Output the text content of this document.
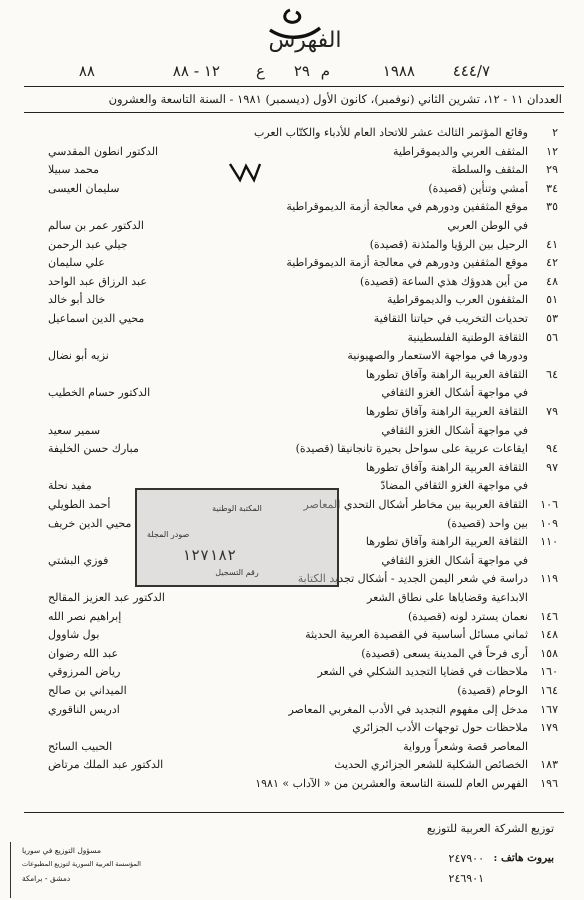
الفهرس
٤٤٤/٧
١٩٨٨
م
٢٩
ع
١٢ - ٨٨
٨٨
العددان ١١ - ١٢، تشرين الثاني (نوفمبر)، كانون الأول (ديسمبر) ١٩٨١ - السنة التاسعة والعشرون
٢
وقائع المؤتمر الثالث عشر للاتحاد العام للأدباء والكتّاب العرب
١٢
المثقف العربي والديموقراطية
الدكتور انطون المقدسي
٢٩
المثقف والسلطة
محمد سبيلا
٣٤
أمشي وتنأين (قصيدة)
سليمان العيسى
٣٥
موقع المثقفين ودورهم في معالجة أزمة الديموقراطية
في الوطن العربي
الدكتور عمر بن سالم
٤١
الرحيل بين الرؤيا والمئذنة (قصيدة)
جيلي عبد الرحمن
٤٢
موقع المثقفين ودورهم في معالجة أزمة الديموقراطية
علي سليمان
٤٨
من أين هدوؤك هذي الساعة (قصيدة)
عبد الرزاق عبد الواحد
٥١
المثقفون العرب والديموقراطية
خالد أبو خالد
٥٣
تحديات التخريب في حياتنا الثقافية
محيي الدين اسماعيل
٥٦
الثقافة الوطنية الفلسطينية
ودورها في مواجهة الاستعمار والصهيونية
نزيه أبو نضال
٦٤
الثقافة العربية الراهنة وآفاق تطورها
في مواجهة أشكال الغزو الثقافي
الدكتور حسام الخطيب
٧٩
الثقافة العربية الراهنة وآفاق تطورها
في مواجهة أشكال الغزو الثقافي
سمير سعيد
٩٤
ايقاعات عربية على سواحل بحيرة تانجانيقا (قصيدة)
مبارك حسن الخليفة
٩٧
الثقافة العربية الراهنة وآفاق تطورها
في مواجهة الغزو الثقافي المضادّ
مفيد نحلة
١٠٦
الثقافة العربية بين مخاطر أشكال التحدي المعاصر
أحمد الطويلي
١٠٩
بين واحد (قصيدة)
محيي الدين خريف
١١٠
الثقافة العربية الراهنة وآفاق تطورها
في مواجهة أشكال الغزو الثقافي
فوزي البشتي
١١٩
دراسة في شعر اليمن الجديد - أشكال تجديد الكتابة
الابداعية وقضاياها على نطاق الشعر
الدكتور عبد العزيز المقالح
١٤٦
نعمان يسترد لونه (قصيدة)
إبراهيم نصر الله
١٤٨
ثماني مسائل أساسية في القصيدة العربية الحديثة
بول شاوول
١٥٨
أرى فرحاً في المدينة يسعى (قصيدة)
عبد الله رضوان
١٦٠
ملاحظات في قضايا التجديد الشكلي في الشعر
رياض المرزوقي
١٦٤
الوحام (قصيدة)
الميداني بن صالح
١٦٧
مدخل إلى مفهوم التجديد في الأدب المغربي المعاصر
ادريس الناقوري
١٧٩
ملاحظات حول توجهات الأدب الجزائري
المعاصر قصة وشعراً ورواية
الحبيب السائح
١٨٣
الخصائص الشكلية للشعر الجزائري الحديث
الدكتور عبد الملك مرتاض
١٩٦
الفهرس العام للسنة التاسعة والعشرين من « الآداب » ١٩٨١
المكتبة الوطنية
صودر المجلة
١٢٧١٨٢
رقم التسجيل
توزيع الشركة العربية للتوزيع
بيروت هاتف :
٢٤٧٩٠٠
٢٤٦٩٠١
مسؤول التوزيع في سوريا
المؤسسة العربية السورية لتوزيع المطبوعات
دمشق - برامكة
